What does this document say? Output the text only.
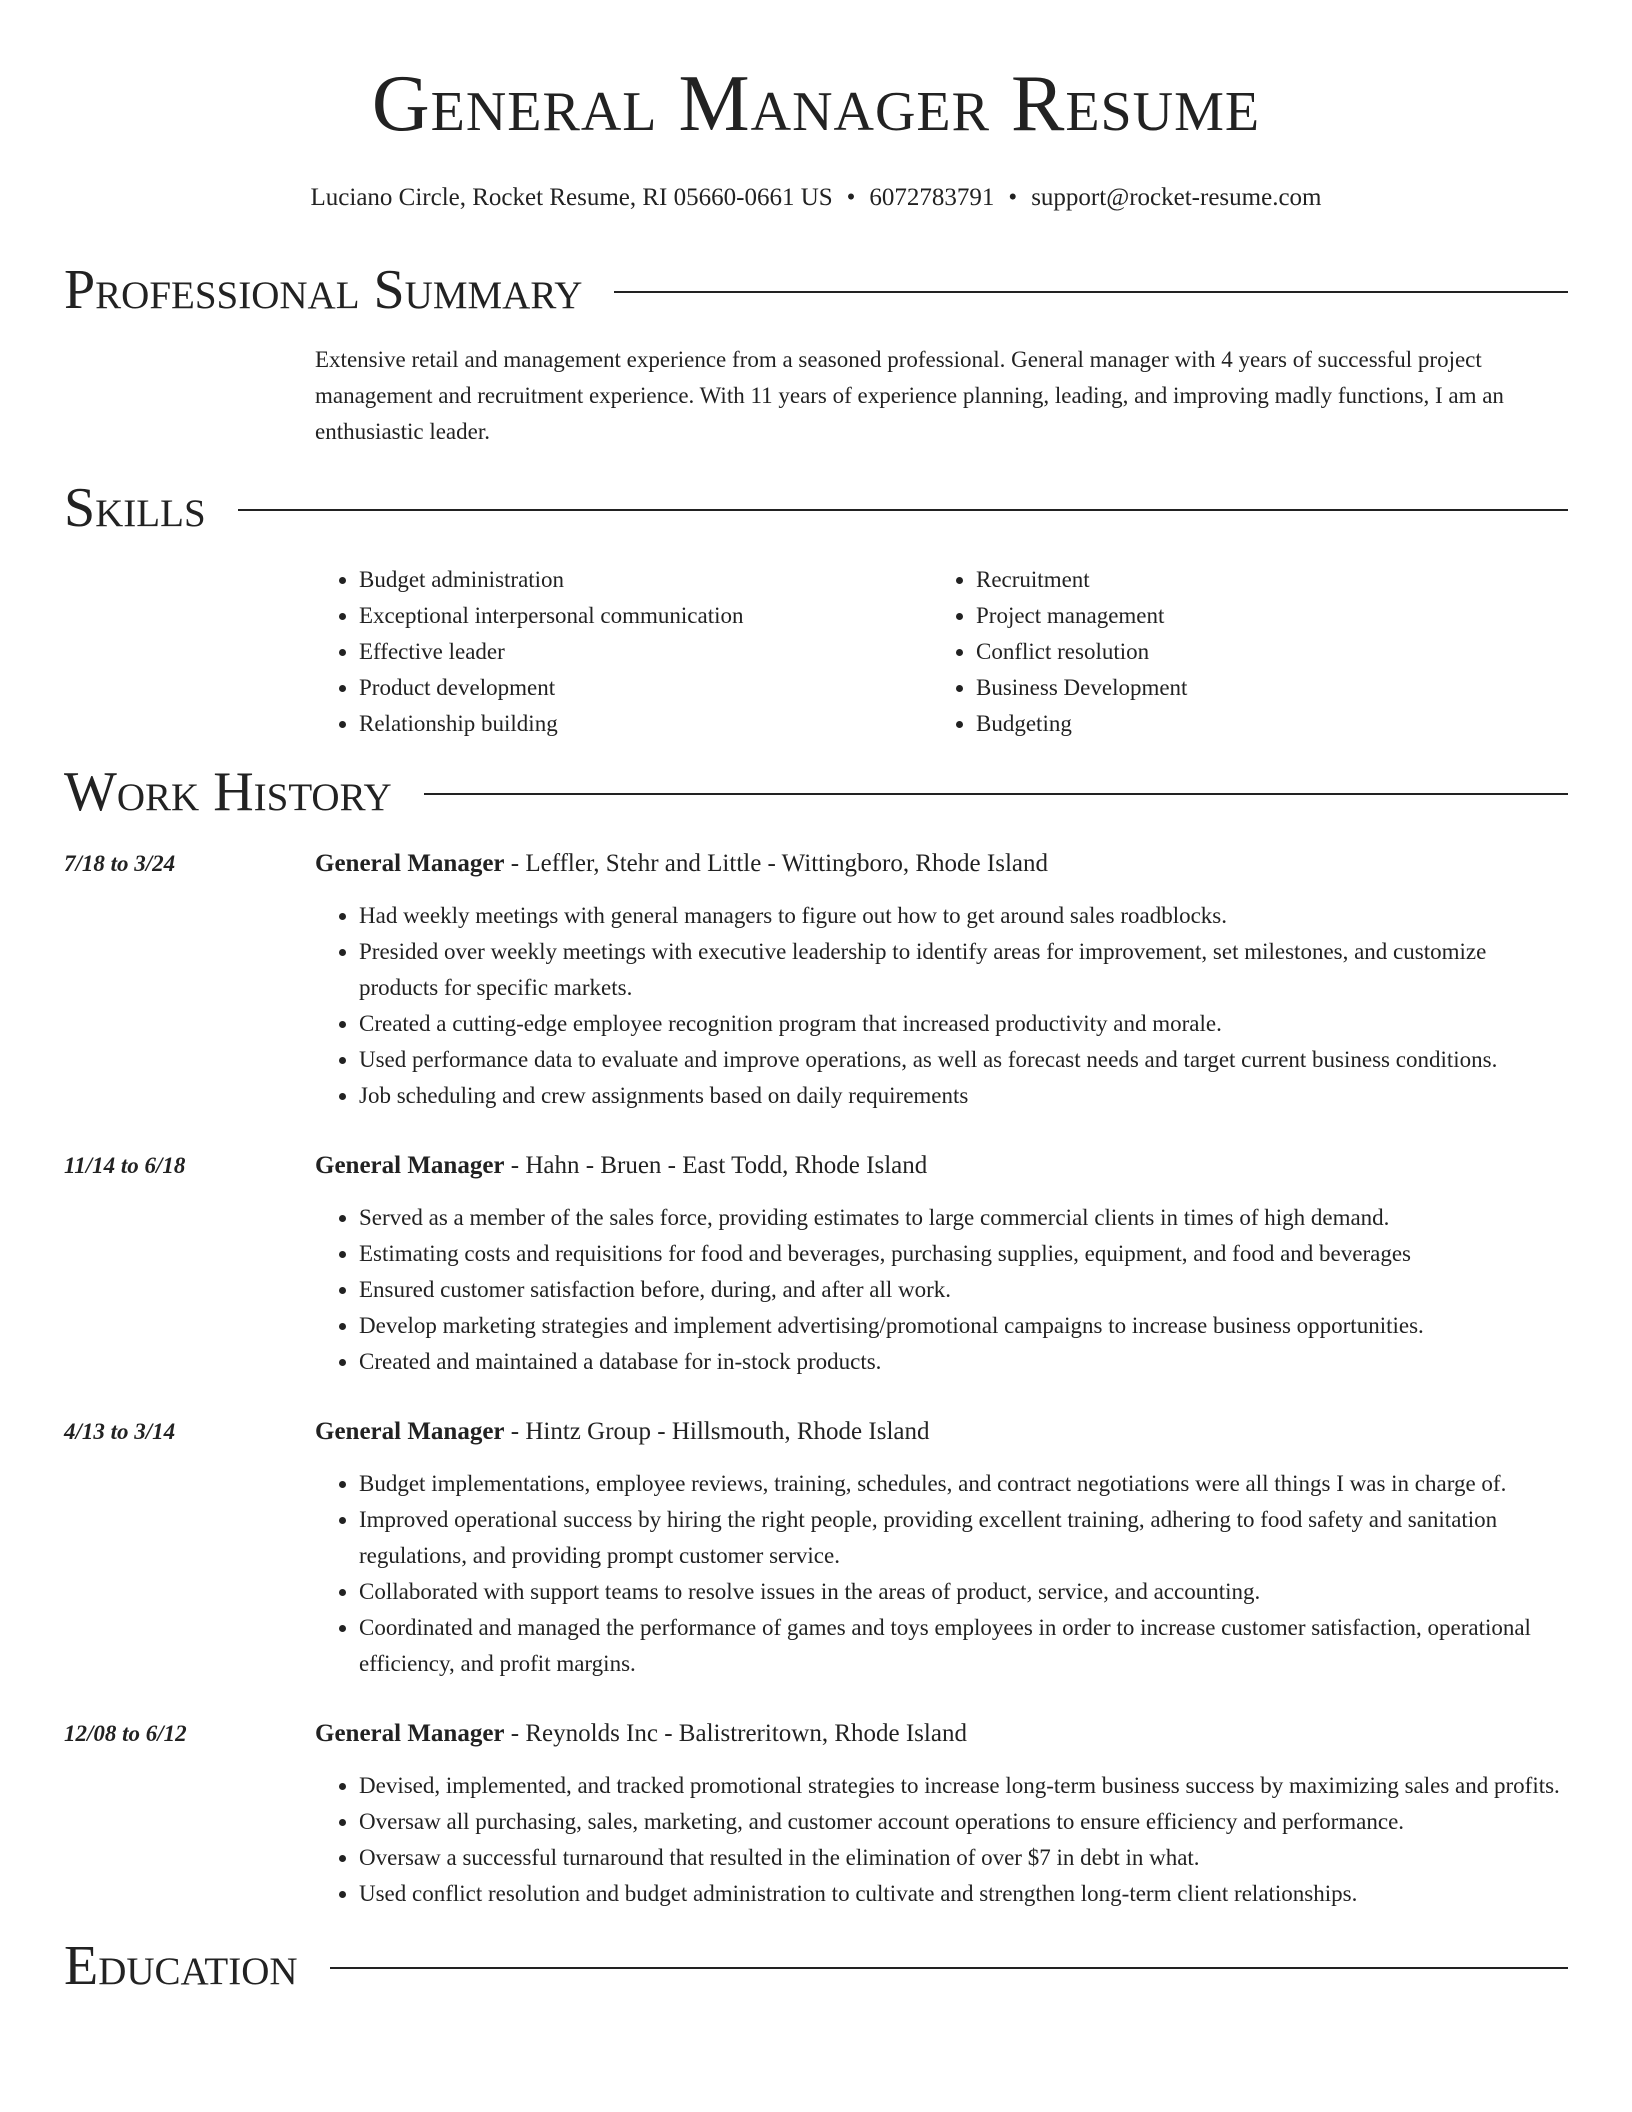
General Manager Resume
Luciano Circle, Rocket Resume, RI 05660-0661 US • 6072783791 • support@rocket-resume.com
Professional Summary
Extensive retail and management experience from a seasoned professional. General manager with 4 years of successful project management and recruitment experience. With 11 years of experience planning, leading, and improving madly functions, I am an enthusiastic leader.
Skills
• Budget administration
• Exceptional interpersonal communication
• Effective leader
• Product development
• Relationship building
• Recruitment
• Project management
• Conflict resolution
• Business Development
• Budgeting
Work History
7/18 to 3/24	General Manager - Leffler, Stehr and Little - Wittingboro, Rhode Island
• Had weekly meetings with general managers to figure out how to get around sales roadblocks.
• Presided over weekly meetings with executive leadership to identify areas for improvement, set milestones, and customize products for specific markets.
• Created a cutting-edge employee recognition program that increased productivity and morale.
• Used performance data to evaluate and improve operations, as well as forecast needs and target current business conditions.
• Job scheduling and crew assignments based on daily requirements
11/14 to 6/18	General Manager - Hahn - Bruen - East Todd, Rhode Island
• Served as a member of the sales force, providing estimates to large commercial clients in times of high demand.
• Estimating costs and requisitions for food and beverages, purchasing supplies, equipment, and food and beverages
• Ensured customer satisfaction before, during, and after all work.
• Develop marketing strategies and implement advertising/promotional campaigns to increase business opportunities.
• Created and maintained a database for in-stock products.
4/13 to 3/14	General Manager - Hintz Group - Hillsmouth, Rhode Island
• Budget implementations, employee reviews, training, schedules, and contract negotiations were all things I was in charge of.
• Improved operational success by hiring the right people, providing excellent training, adhering to food safety and sanitation regulations, and providing prompt customer service.
• Collaborated with support teams to resolve issues in the areas of product, service, and accounting.
• Coordinated and managed the performance of games and toys employees in order to increase customer satisfaction, operational efficiency, and profit margins.
12/08 to 6/12	General Manager - Reynolds Inc - Balistreritown, Rhode Island
• Devised, implemented, and tracked promotional strategies to increase long-term business success by maximizing sales and profits.
• Oversaw all purchasing, sales, marketing, and customer account operations to ensure efficiency and performance.
• Oversaw a successful turnaround that resulted in the elimination of over $7 in debt in what.
• Used conflict resolution and budget administration to cultivate and strengthen long-term client relationships.
Education
